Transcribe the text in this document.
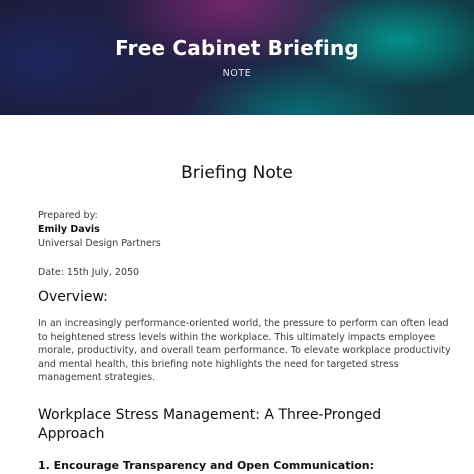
Free Cabinet Briefing
NOTE
Briefing Note
Prepared by:
Emily Davis
Universal Design Partners
Date: 15th July, 2050
Overview:
In an increasingly performance-oriented world, the pressure to perform can often lead
to heightened stress levels within the workplace. This ultimately impacts employee
morale, productivity, and overall team performance. To elevate workplace productivity
and mental health, this briefing note highlights the need for targeted stress
management strategies.
Workplace Stress Management: A Three-Pronged
Approach
1. Encourage Transparency and Open Communication:
